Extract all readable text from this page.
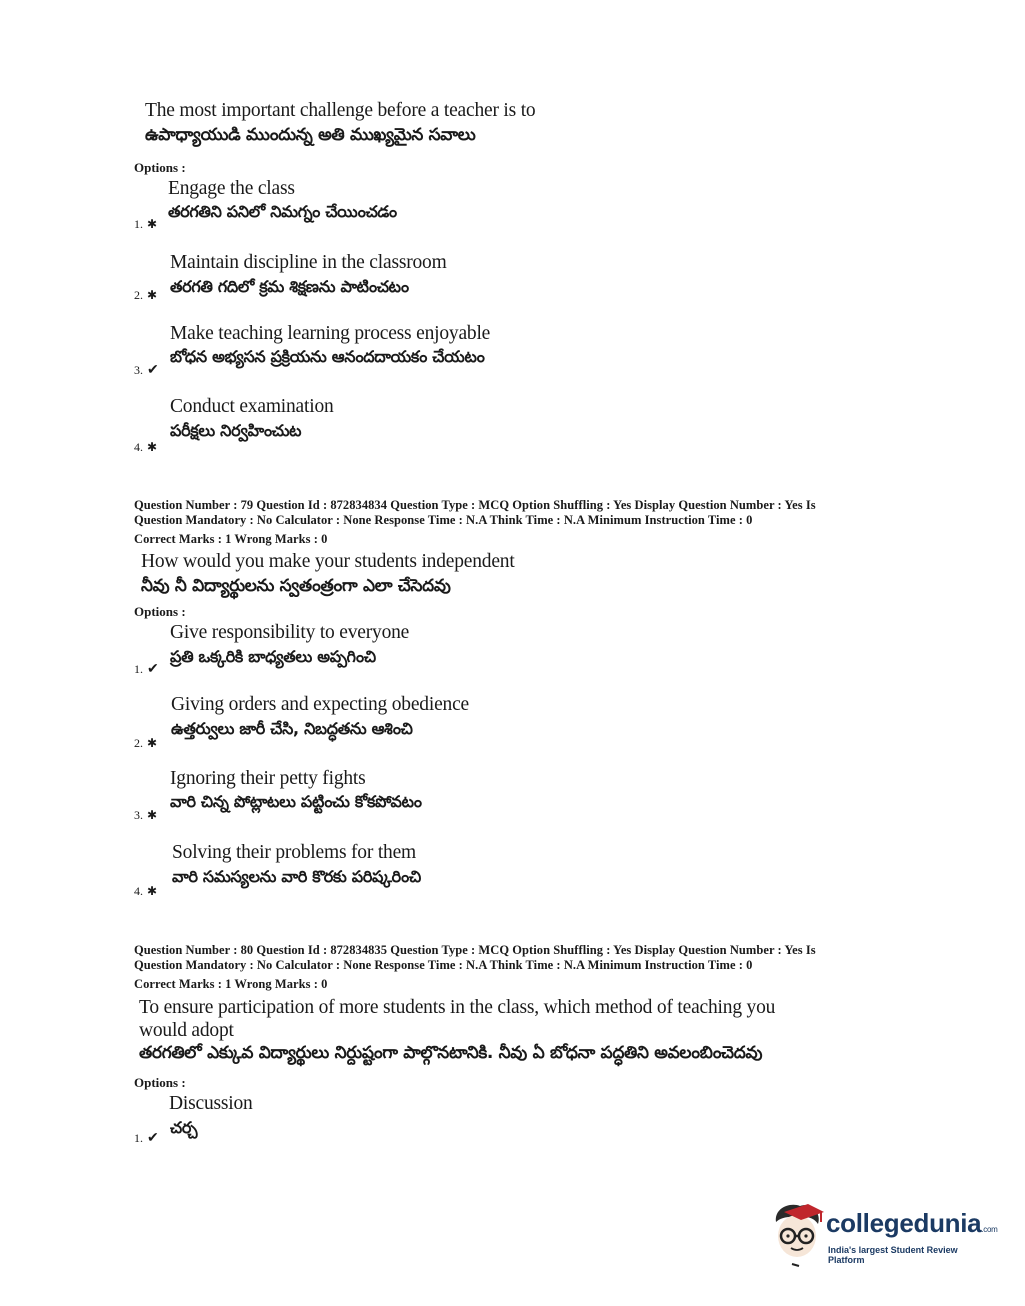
The most important challenge before a teacher is to
ఉపాధ్యాయుడి ముందున్న అతి ముఖ్యమైన సవాలు
Options :
Engage the class
తరగతిని పనిలో నిమగ్నం చేయించడం
1. ✱
Maintain discipline in the classroom
తరగతి గదిలో క్రమ శిక్షణను పాటించటం
2. ✱
Make teaching learning process enjoyable
బోధన అభ్యసన ప్రక్రియను ఆనందదాయకం చేయటం
3. ✔
Conduct examination
పరీక్షలు నిర్వహించుట
4. ✱
Question Number : 79 Question Id : 872834834 Question Type : MCQ Option Shuffling : Yes Display Question Number : Yes Is
Question Mandatory : No Calculator : None Response Time : N.A Think Time : N.A Minimum Instruction Time : 0
Correct Marks : 1 Wrong Marks : 0
How would you make your students independent
నీవు నీ విద్యార్థులను స్వతంత్రంగా ఎలా చేసెదవు
Options :
Give responsibility to everyone
ప్రతి ఒక్కరికి బాధ్యతలు అప్పగించి
1. ✔
Giving orders and expecting obedience
ఉత్తర్వులు జారీ చేసి, నిబద్ధతను ఆశించి
2. ✱
Ignoring their petty fights
వారి చిన్న పోట్లాటలు పట్టించు కోకపోవటం
3. ✱
Solving their problems for them
వారి సమస్యలను వారి కొరకు పరిష్కరించి
4. ✱
Question Number : 80 Question Id : 872834835 Question Type : MCQ Option Shuffling : Yes Display Question Number : Yes Is
Question Mandatory : No Calculator : None Response Time : N.A Think Time : N.A Minimum Instruction Time : 0
Correct Marks : 1 Wrong Marks : 0
To ensure participation of more students in the class, which method of teaching you
would adopt
తరగతిలో ఎక్కువ విద్యార్థులు నిర్దుష్టంగా పాల్గొనటానికి. నీవు ఏ బోధనా పద్ధతిని అవలంబించెదవు
Options :
Discussion
చర్చ
1. ✔
collegedunia.com
India's largest Student Review Platform
